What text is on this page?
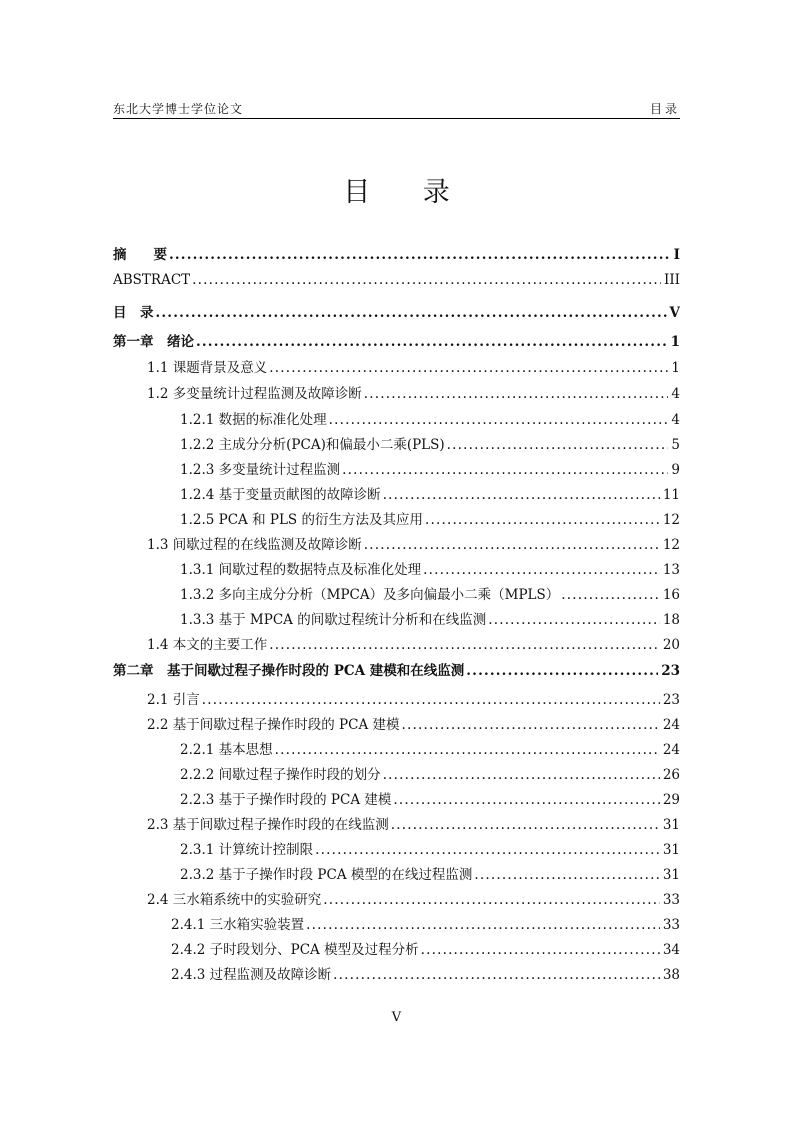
东北大学博士学位论文	目录
目 录
摘　　要 .....	I
ABSTRACT .....	III
目　录 .....	V
第一章　绪论 .....	1
1.1 课题背景及意义 .....	1
1.2 多变量统计过程监测及故障诊断 .....	4
1.2.1 数据的标准化处理 .....	4
1.2.2 主成分分析(PCA)和偏最小二乘(PLS) .....	5
1.2.3 多变量统计过程监测 .....	9
1.2.4 基于变量贡献图的故障诊断 .....	11
1.2.5 PCA 和 PLS 的衍生方法及其应用 .....	12
1.3 间歇过程的在线监测及故障诊断 .....	12
1.3.1 间歇过程的数据特点及标准化处理 .....	13
1.3.2 多向主成分分析（MPCA）及多向偏最小二乘（MPLS） .....	16
1.3.3 基于 MPCA 的间歇过程统计分析和在线监测 .....	18
1.4 本文的主要工作 .....	20
第二章　基于间歇过程子操作时段的 PCA 建模和在线监测 .....	23
2.1 引言 .....	23
2.2 基于间歇过程子操作时段的 PCA 建模 .....	24
2.2.1 基本思想 .....	24
2.2.2 间歇过程子操作时段的划分 .....	26
2.2.3 基于子操作时段的 PCA 建模 .....	29
2.3 基于间歇过程子操作时段的在线监测 .....	31
2.3.1 计算统计控制限 .....	31
2.3.2 基于子操作时段 PCA 模型的在线过程监测 .....	31
2.4 三水箱系统中的实验研究 .....	33
2.4.1 三水箱实验装置 .....	33
2.4.2 子时段划分、PCA 模型及过程分析 .....	34
2.4.3 过程监测及故障诊断 .....	38
V
